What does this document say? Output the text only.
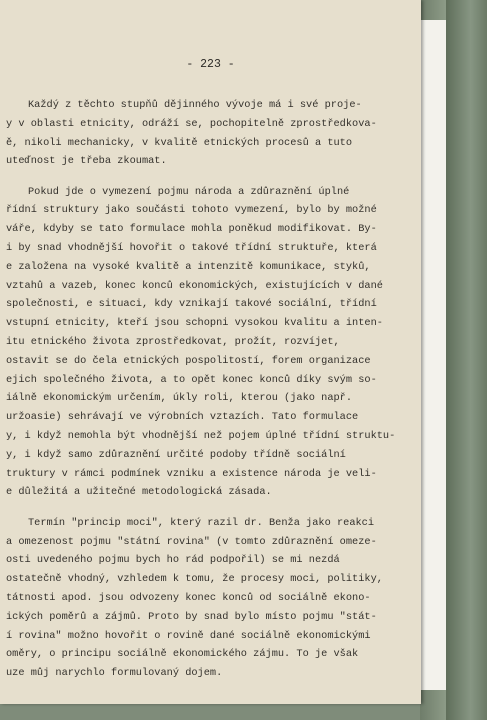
- 223 -
Každý z těchto stupňů dějinného vývoje má i své proje-
y v oblasti etnicity, odráží se, pochopitelně zprostředkova-
ě, nikoli mechanicky, v kvalitě etnických procesů a tuto
uteďnost je třeba zkoumat.
Pokud jde o vymezení pojmu národa a zdůraznění úplné
řídní struktury jako součásti tohoto vymezení, bylo by možné
váře, kdyby se tato formulace mohla poněkud modifikovat. By-
i by snad vhodnější hovořit o takové třídní struktuře, která
e založena na vysoké kvalitě a intenzitě komunikace, styků,
vztahů a vazeb, konec konců ekonomických, existujících v dané
společnosti, e situaci, kdy vznikají takové sociální, třídní
vstupní etnicity, kteří jsou schopni vysokou kvalitu a inten-
itu etnického života zprostředkovat, prožít, rozvíjet,
ostavit se do čela etnických pospolitostí, forem organizace
ejich společného života, a to opět konec konců díky svým so-
iálně ekonomickým určením, úkly roli, kterou (jako např.
uržoasie) sehrávají ve výrobních vztazích. Tato formulace
y, i když nemohla být vhodnější než pojem úplné třídní struktu-
y, i když samo zdůraznění určité podoby třídně sociální
truktury v rámci podmínek vzniku a existence národa je veli-
e důležitá a užitečné metodologická zásada.
Termín "princip moci", který razil dr. Benža jako reakci
a omezenost pojmu "státní rovina" (v tomto zdůraznění omeze-
osti uvedeného pojmu bych ho rád podpořil) se mi nezdá
ostatečně vhodný, vzhledem k tomu, že procesy moci, politiky,
tátnosti apod. jsou odvozeny konec konců od sociálně ekono-
ických poměrů a zájmů. Proto by snad bylo místo pojmu "stát-
í rovina" možno hovořit o rovině dané sociálně ekonomickými
oměry, o principu sociálně ekonomického zájmu. To je však
uze můj narychlo formulovaný dojem.
